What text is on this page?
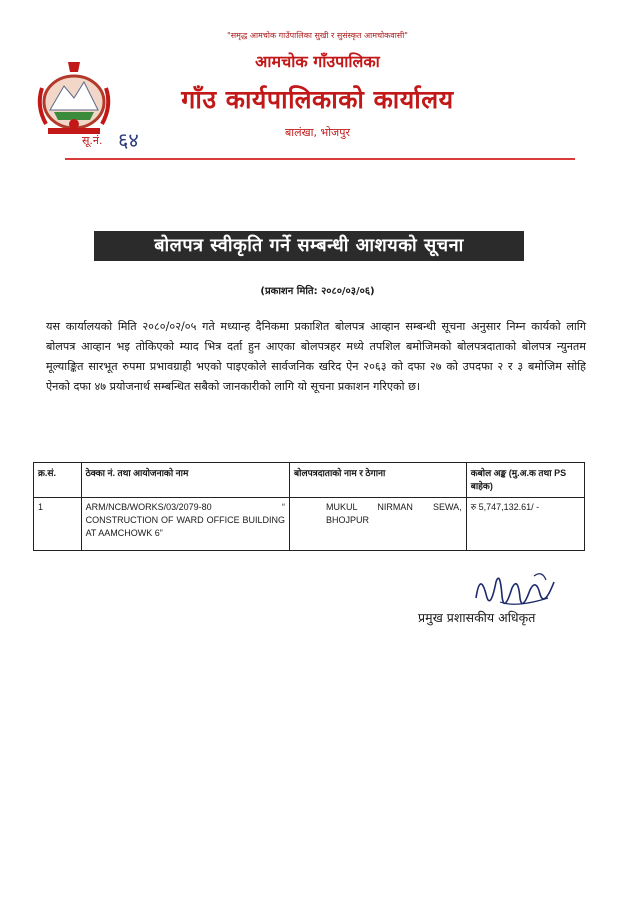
"समृद्ध आमचोक गाउँपालिका सुखी र सुसंस्कृत आमचोकवासी"
आमचोक गाँउपालिका
गाँउ कार्यपालिकाको कार्यालय
बालंखा, भोजपुर
सू.नं. ६४
बोलपत्र स्वीकृति गर्ने सम्बन्धी आशयको सूचना
(प्रकाशन मिति: २०८०/०३/०६)
यस कार्यालयको मिति २०८०/०२/०५ गते मध्यान्ह दैनिकमा प्रकाशित बोलपत्र आव्हान सम्बन्धी सूचना अनुसार निम्न कार्यको लागि बोलपत्र आव्हान भइ तोकिएको म्याद भित्र दर्ता हुन आएका बोलपत्रहर मध्ये तपशिल बमोजिमको बोलपत्रदाताको बोलपत्र न्युनतम मूल्याङ्कित सारभूत रुपमा प्रभावग्राही भएको पाइएकोले सार्वजनिक खरिद ऐन २०६३ को दफा २७ को उपदफा २ र ३ बमोजिम सोहि ऐनको दफा ४७ प्रयोजनार्थ सम्बन्धित सबैको जानकारीको लागि यो सूचना प्रकाशन गरिएको छ।
क्र.सं.	ठेक्का नं. तथा आयोजनाको नाम	बोलपत्रदाताको नाम र ठेगाना	कबोल अङ्क (मु.अ.क तथा PS बाहेक)
1	ARM/NCB/WORKS/03/2079-80 “
CONSTRUCTION OF WARD OFFICE BUILDING AT AAMCHOWK 6”	MUKUL NIRMAN SEWA, BHOJPUR	रु 5,747,132.61/ -
प्रमुख प्रशासकीय अधिकृत
